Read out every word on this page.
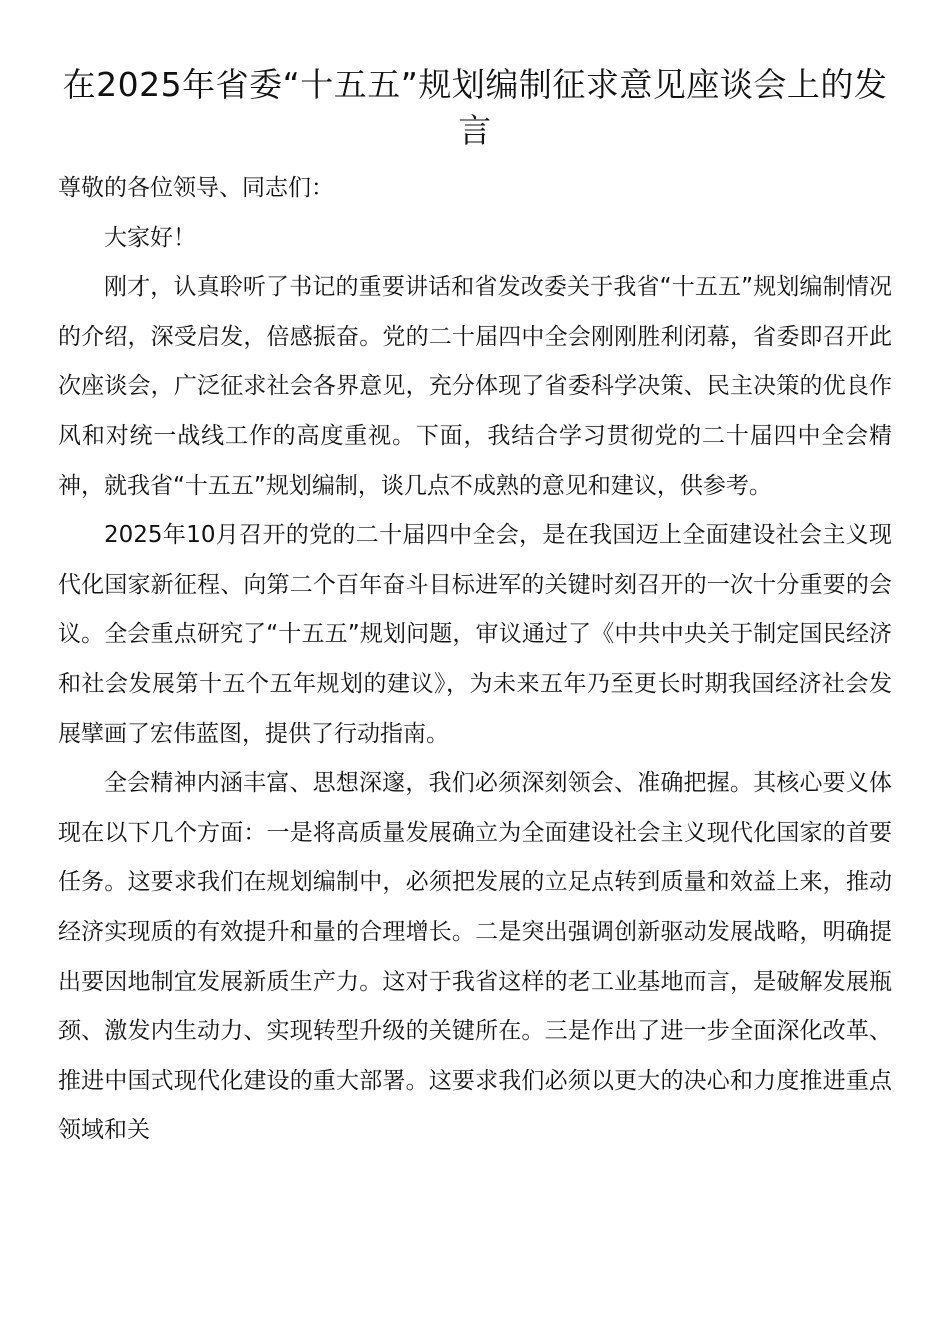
在2025年省委“十五五”规划编制征求意见座谈会上的发言

尊敬的各位领导、同志们：

大家好！

刚才，认真聆听了书记的重要讲话和省发改委关于我省“十五五”规划编制情况的介绍，深受启发，倍感振奋。党的二十届四中全会刚刚胜利闭幕，省委即召开此次座谈会，广泛征求社会各界意见，充分体现了省委科学决策、民主决策的优良作风和对统一战线工作的高度重视。下面，我结合学习贯彻党的二十届四中全会精神，就我省“十五五”规划编制，谈几点不成熟的意见和建议，供参考。

2025年10月召开的党的二十届四中全会，是在我国迈上全面建设社会主义现代化国家新征程、向第二个百年奋斗目标进军的关键时刻召开的一次十分重要的会议。全会重点研究了“十五五”规划问题，审议通过了《中共中央关于制定国民经济和社会发展第十五个五年规划的建议》，为未来五年乃至更长时期我国经济社会发展擘画了宏伟蓝图，提供了行动指南。

全会精神内涵丰富、思想深邃，我们必须深刻领会、准确把握。其核心要义体现在以下几个方面：一是将高质量发展确立为全面建设社会主义现代化国家的首要任务。这要求我们在规划编制中，必须把发展的立足点转到质量和效益上来，推动经济实现质的有效提升和量的合理增长。二是突出强调创新驱动发展战略，明确提出要因地制宜发展新质生产力。这对于我省这样的老工业基地而言，是破解发展瓶颈、激发内生动力、实现转型升级的关键所在。三是作出了进一步全面深化改革、推进中国式现代化建设的重大部署。这要求我们必须以更大的决心和力度推进重点领域和关
